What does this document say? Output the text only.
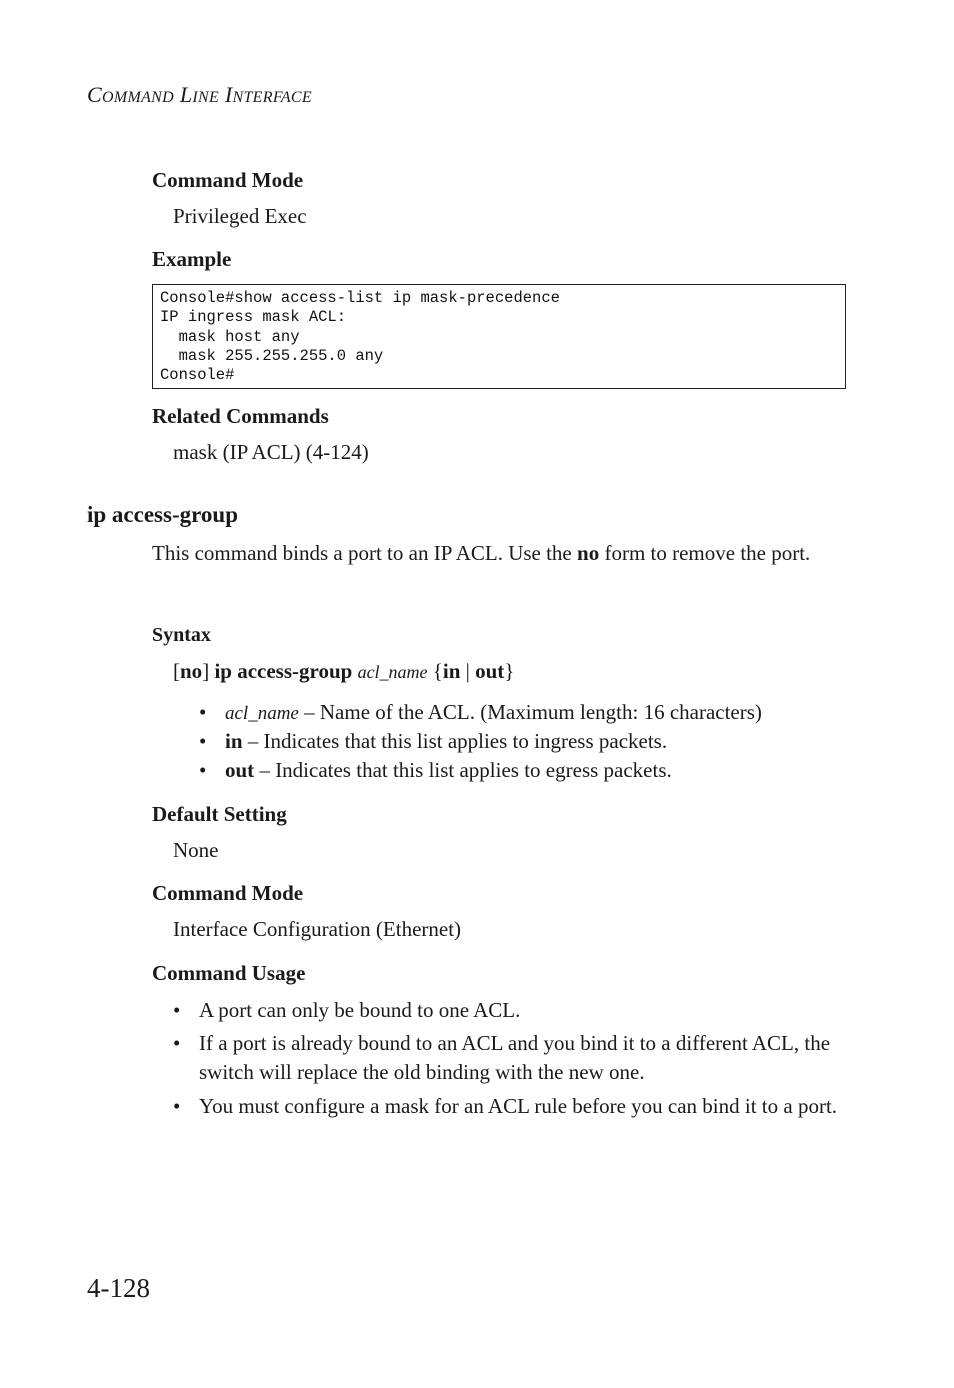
COMMAND LINE INTERFACE
Command Mode
Privileged Exec
Example
Console#show access-list ip mask-precedence
IP ingress mask ACL:
mask host any
mask 255.255.255.0 any
Console#
Related Commands
mask (IP ACL) (4-124)
ip access-group
This command binds a port to an IP ACL. Use the no form to remove the port.
Syntax
[no] ip access-group acl_name {in | out}
• acl_name – Name of the ACL. (Maximum length: 16 characters)
• in – Indicates that this list applies to ingress packets.
• out – Indicates that this list applies to egress packets.
Default Setting
None
Command Mode
Interface Configuration (Ethernet)
Command Usage
• A port can only be bound to one ACL.
• If a port is already bound to an ACL and you bind it to a different ACL, the switch will replace the old binding with the new one.
• You must configure a mask for an ACL rule before you can bind it to a port.
4-128
